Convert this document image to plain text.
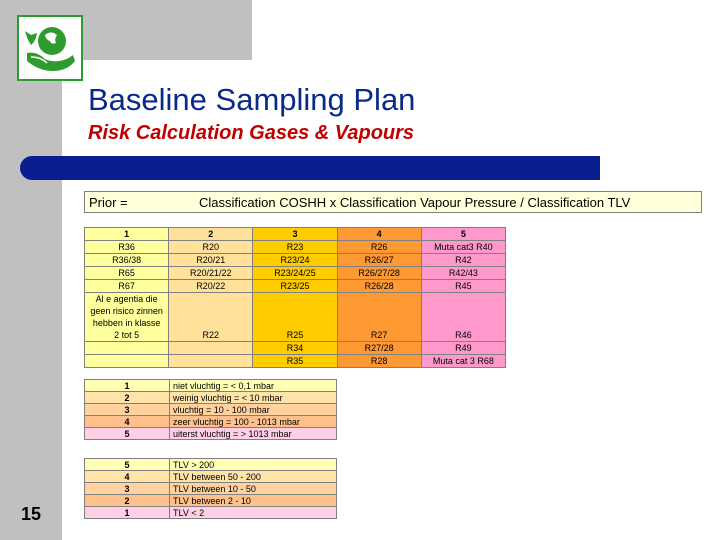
Baseline Sampling Plan
Risk Calculation Gases & Vapours
Prior =	Classification COSHH x Classification Vapour Pressure / Classification TLV
1	2	3	4	5
R36	R20	R23	R26	Muta cat3 R40
R36/38	R20/21	R23/24	R26/27	R42
R65	R20/21/22	R23/24/25	R26/27/28	R42/43
R67	R20/22	R23/25	R26/28	R45
Al e agentia die				
geen risico zinnen				
hebben in klasse				
2 tot 5	R22	R25	R27	R46
		R34	R27/28	R49
		R35	R28	Muta cat 3 R68
1	niet vluchtig = < 0,1 mbar
2	weinig vluchtig = < 10 mbar
3	vluchtig = 10 - 100 mbar
4	zeer vluchtig = 100 - 1013 mbar
5	uiterst vluchtig = > 1013 mbar
5	TLV > 200
4	TLV between 50 - 200
3	TLV between 10 - 50
2	TLV between 2 - 10
1	TLV < 2
15
